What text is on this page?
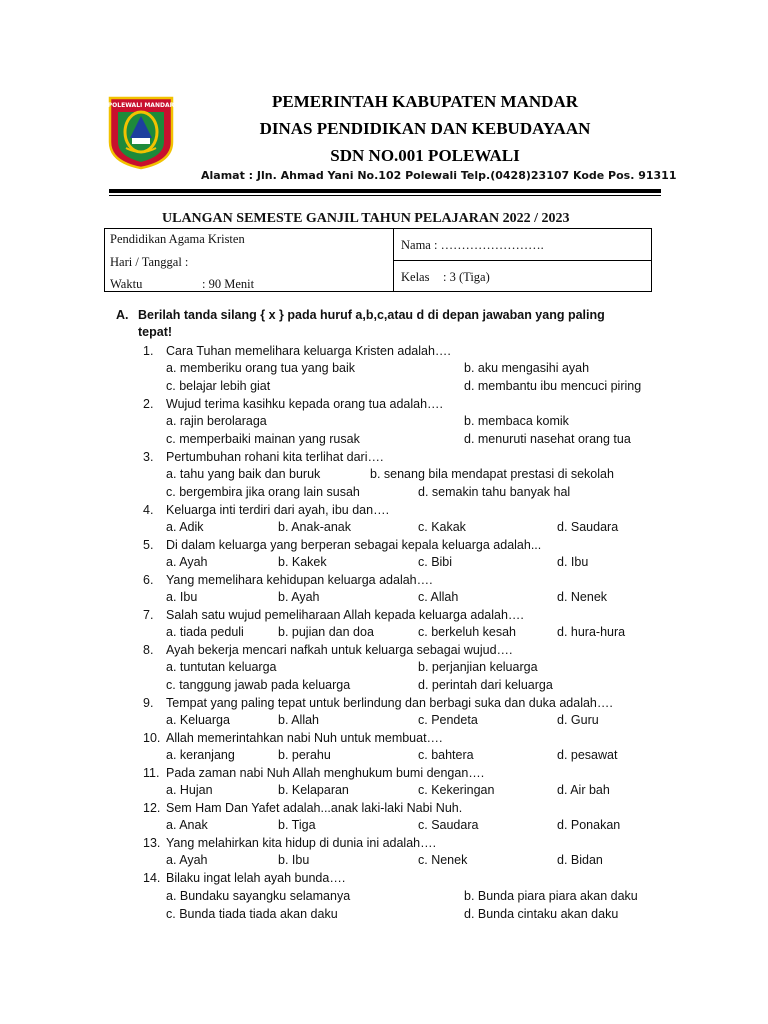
POLEWALI MANDAR	PEMERINTAH KABUPATEN MANDAR
DINAS PENDIDIKAN DAN KEBUDAYAAN
SDN NO.001 POLEWALI
Alamat : Jln. Ahmad Yani No.102 Polewali Telp.(0428)23107 Kode Pos. 91311
ULANGAN SEMESTE GANJIL TAHUN PELAJARAN 2022 / 2023
Pendidikan Agama Kristen
Hari / Tanggal :
Waktu	: 90 Menit
Nama : …………………….
Kelas : 3 (Tiga)
A. Berilah tanda silang { x } pada huruf a,b,c,atau d di depan jawaban yang paling
tepat!
1. Cara Tuhan memelihara keluarga Kristen adalah….
a. memberiku orang tua yang baik	b. aku mengasihi ayah
c. belajar lebih giat	d. membantu ibu mencuci piring
2. Wujud terima kasihku kepada orang tua adalah….
a. rajin berolaraga	b. membaca komik
c. memperbaiki mainan yang rusak	d. menuruti nasehat orang tua
3. Pertumbuhan rohani kita terlihat dari….
a. tahu yang baik dan buruk	b. senang bila mendapat prestasi di sekolah
c. bergembira jika orang lain susah	d. semakin tahu banyak hal
4. Keluarga inti terdiri dari ayah, ibu dan….
a. Adik	b. Anak-anak	c. Kakak	d. Saudara
5. Di dalam keluarga yang berperan sebagai kepala keluarga adalah...
a. Ayah	b. Kakek	c. Bibi	d. Ibu
6. Yang memelihara kehidupan keluarga adalah….
a. Ibu	b. Ayah	c. Allah	d. Nenek
7. Salah satu wujud pemeliharaan Allah kepada keluarga adalah….
a. tiada peduli	b. pujian dan doa	c. berkeluh kesah	d. hura-hura
8. Ayah bekerja mencari nafkah untuk keluarga sebagai wujud….
a. tuntutan keluarga	b. perjanjian keluarga
c. tanggung jawab pada keluarga	d. perintah dari keluarga
9. Tempat yang paling tepat untuk berlindung dan berbagi suka dan duka adalah….
a. Keluarga	b. Allah	c. Pendeta	d. Guru
10. Allah memerintahkan nabi Nuh untuk membuat….
a. keranjang	b. perahu	c. bahtera	d. pesawat
11. Pada zaman nabi Nuh Allah menghukum bumi dengan….
a. Hujan	b. Kelaparan	c. Kekeringan	d. Air bah
12. Sem Ham Dan Yafet adalah...anak laki-laki Nabi Nuh.
a. Anak	b. Tiga	c. Saudara	d. Ponakan
13. Yang melahirkan kita hidup di dunia ini adalah….
a. Ayah	b. Ibu	c. Nenek	d. Bidan
14. Bilaku ingat lelah ayah bunda….
a. Bundaku sayangku selamanya	b. Bunda piara piara akan daku
c. Bunda tiada tiada akan daku	d. Bunda cintaku akan daku
